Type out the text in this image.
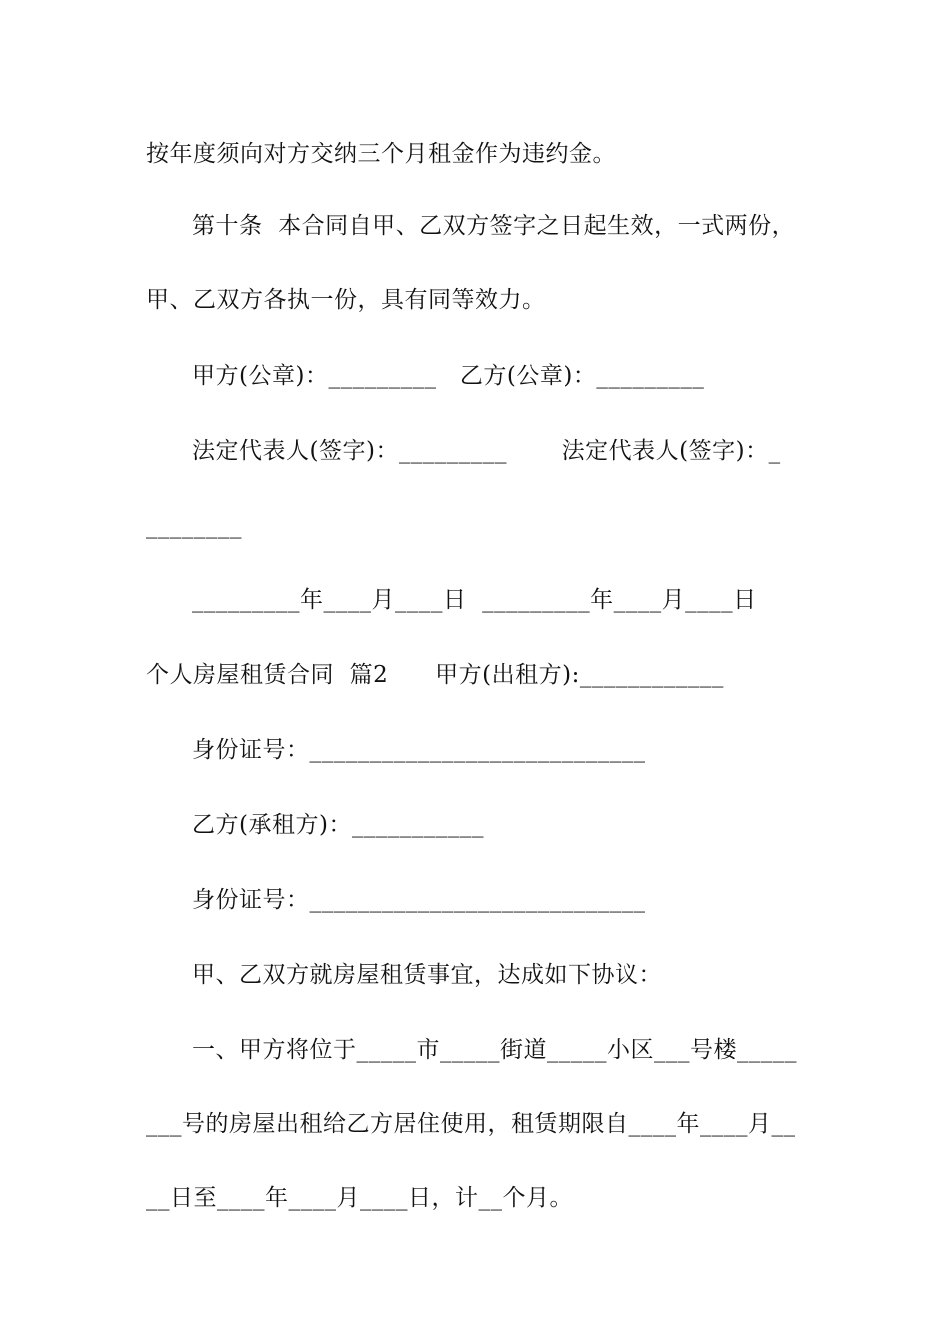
按年度须向对方交纳三个月租金作为违约金。
第十条  本合同自甲、乙双方签字之日起生效，一式两份，
甲、乙双方各执一份，具有同等效力。
甲方(公章)：_________   乙方(公章)：_________
法定代表人(签字)：_________       法定代表人(签字)：_
________
_________年____月____日  _________年____月____日
个人房屋租赁合同  篇2      甲方(出租方):____________
身份证号：____________________________
乙方(承租方)：___________
身份证号：____________________________
甲、乙双方就房屋租赁事宜，达成如下协议：
一、甲方将位于_____市_____街道_____小区___号楼_____
___号的房屋出租给乙方居住使用，租赁期限自____年____月__
__日至____年____月____日，计__个月。
